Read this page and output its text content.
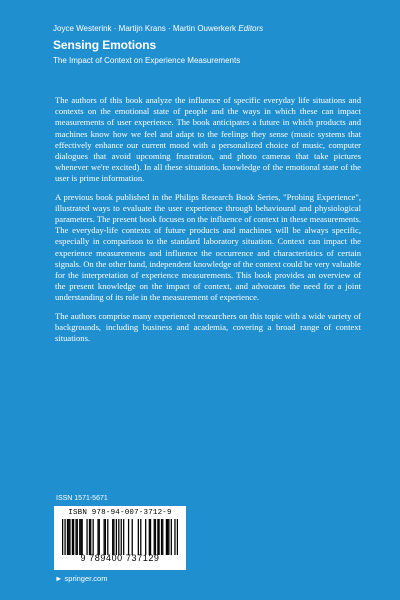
Joyce Westerink · Martijn Krans · Martin Ouwerkerk Editors
Sensing Emotions
The Impact of Context on Experience Measurements

The authors of this book analyze the influence of specific everyday life situations and contexts on the emotional state of people and the ways in which these can impact measurements of user experience. The book anticipates a future in which products and machines know how we feel and adapt to the feelings they sense (music systems that effectively enhance our current mood with a personalized choice of music, computer dialogues that avoid upcoming frustration, and photo cameras that take pictures whenever we're excited). In all these situations, knowledge of the emotional state of the user is prime information.

A previous book published in the Philips Research Book Series, "Probing Experience", illustrated ways to evaluate the user experience through behavioural and physiological parameters. The present book focuses on the influence of context in these measurements. The everyday-life contexts of future products and machines will be always specific, especially in comparison to the standard laboratory situation. Context can impact the experience measurements and influence the occurrence and characteristics of certain signals. On the other hand, independent knowledge of the context could be very valuable for the interpretation of experience measurements. This book provides an overview of the present knowledge on the impact of context, and advocates the need for a joint understanding of its role in the measurement of experience.

The authors comprise many experienced researchers on this topic with a wide variety of backgrounds, including business and academia, covering a broad range of context situations.

ISSN 1571-5671
ISBN 978-94-007-3712-9
9 789400 737129
► springer.com
